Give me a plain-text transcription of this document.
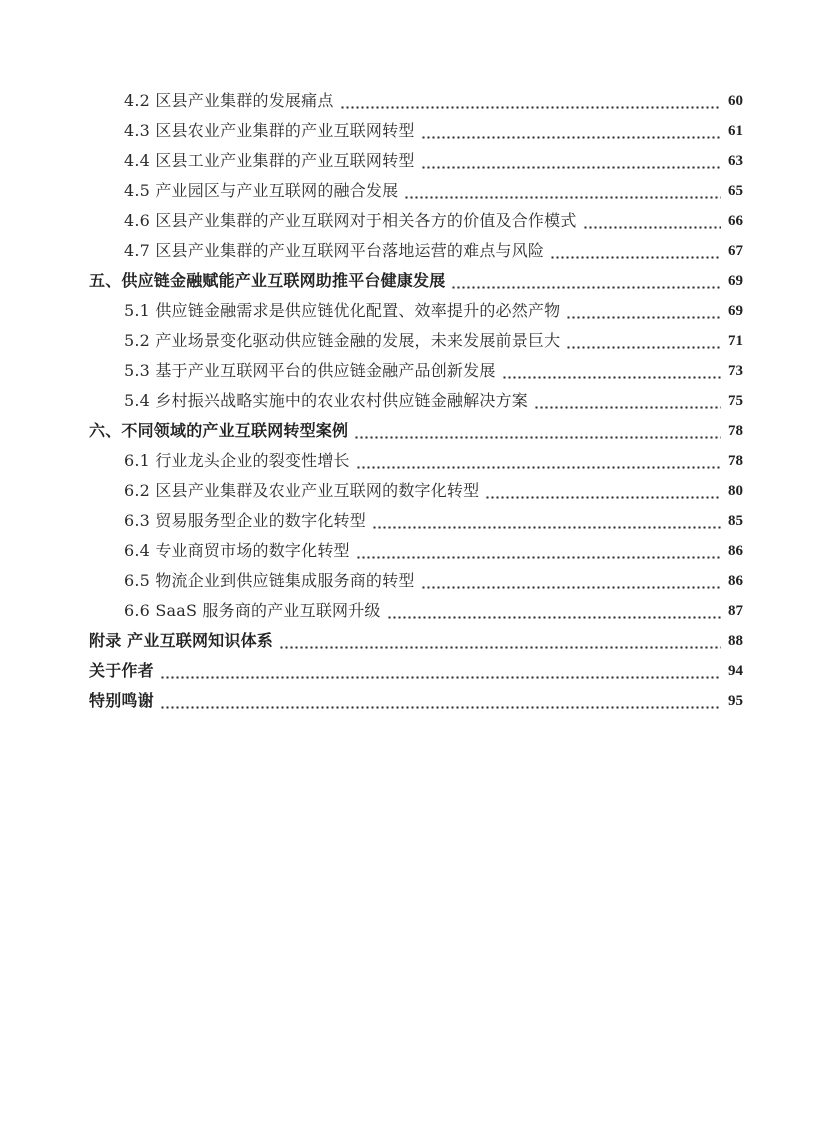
4.2 区县产业集群的发展痛点	60
4.3 区县农业产业集群的产业互联网转型	61
4.4 区县工业产业集群的产业互联网转型	63
4.5 产业园区与产业互联网的融合发展	65
4.6 区县产业集群的产业互联网对于相关各方的价值及合作模式	66
4.7 区县产业集群的产业互联网平台落地运营的难点与风险	67
五、供应链金融赋能产业互联网助推平台健康发展	69
5.1 供应链金融需求是供应链优化配置、效率提升的必然产物	69
5.2 产业场景变化驱动供应链金融的发展，未来发展前景巨大	71
5.3 基于产业互联网平台的供应链金融产品创新发展	73
5.4 乡村振兴战略实施中的农业农村供应链金融解决方案	75
六、不同领域的产业互联网转型案例	78
6.1 行业龙头企业的裂变性增长	78
6.2 区县产业集群及农业产业互联网的数字化转型	80
6.3 贸易服务型企业的数字化转型	85
6.4 专业商贸市场的数字化转型	86
6.5 物流企业到供应链集成服务商的转型	86
6.6 SaaS 服务商的产业互联网升级	87
附录 产业互联网知识体系	88
关于作者	94
特别鸣谢	95
